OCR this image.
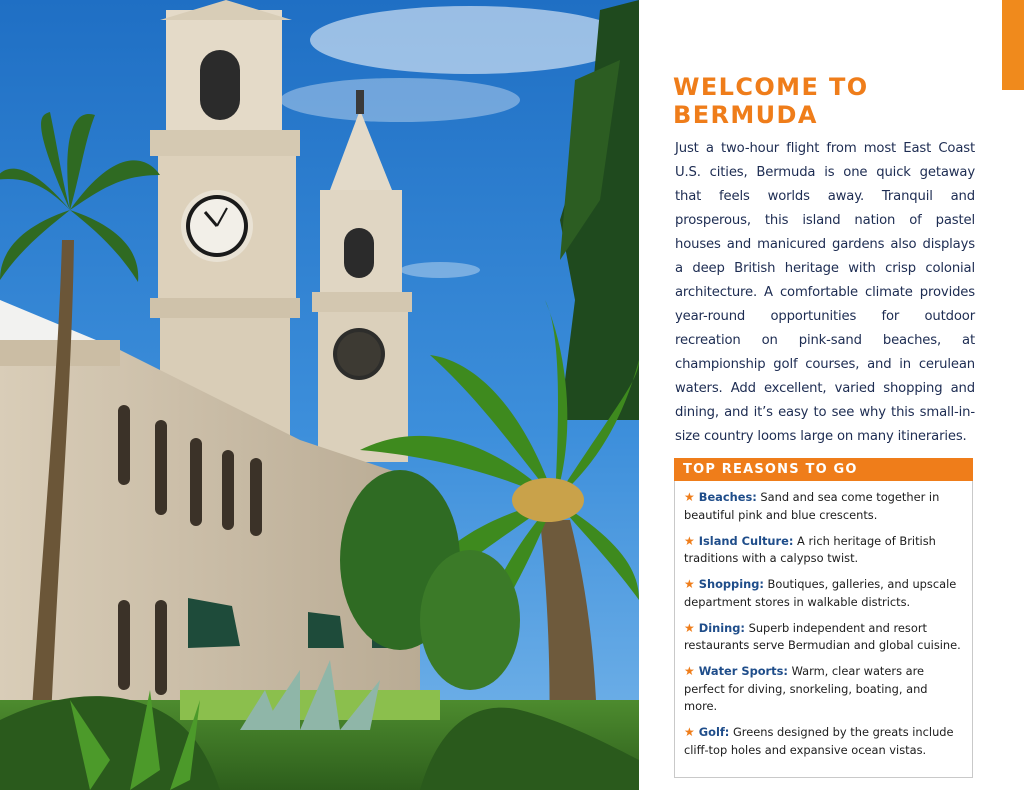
WELCOME TO
BERMUDA

Just a two-hour flight from most East Coast U.S. cities, Bermuda is one quick getaway that feels worlds away. Tranquil and prosperous, this island nation of pastel houses and manicured gardens also displays a deep British heritage with crisp colonial architecture. A comfortable climate provides year-round opportunities for outdoor recreation on pink-sand beaches, at championship golf courses, and in cerulean waters. Add excellent, varied shopping and dining, and it’s easy to see why this small-in-size country looms large on many itineraries.

TOP REASONS TO GO
★ Beaches: Sand and sea come together in beautiful pink and blue crescents.
★ Island Culture: A rich heritage of British traditions with a calypso twist.
★ Shopping: Boutiques, galleries, and upscale department stores in walkable districts.
★ Dining: Superb independent and resort restaurants serve Bermudian and global cuisine.
★ Water Sports: Warm, clear waters are perfect for diving, snorkeling, boating, and more.
★ Golf: Greens designed by the greats include cliff-top holes and expansive ocean vistas.
